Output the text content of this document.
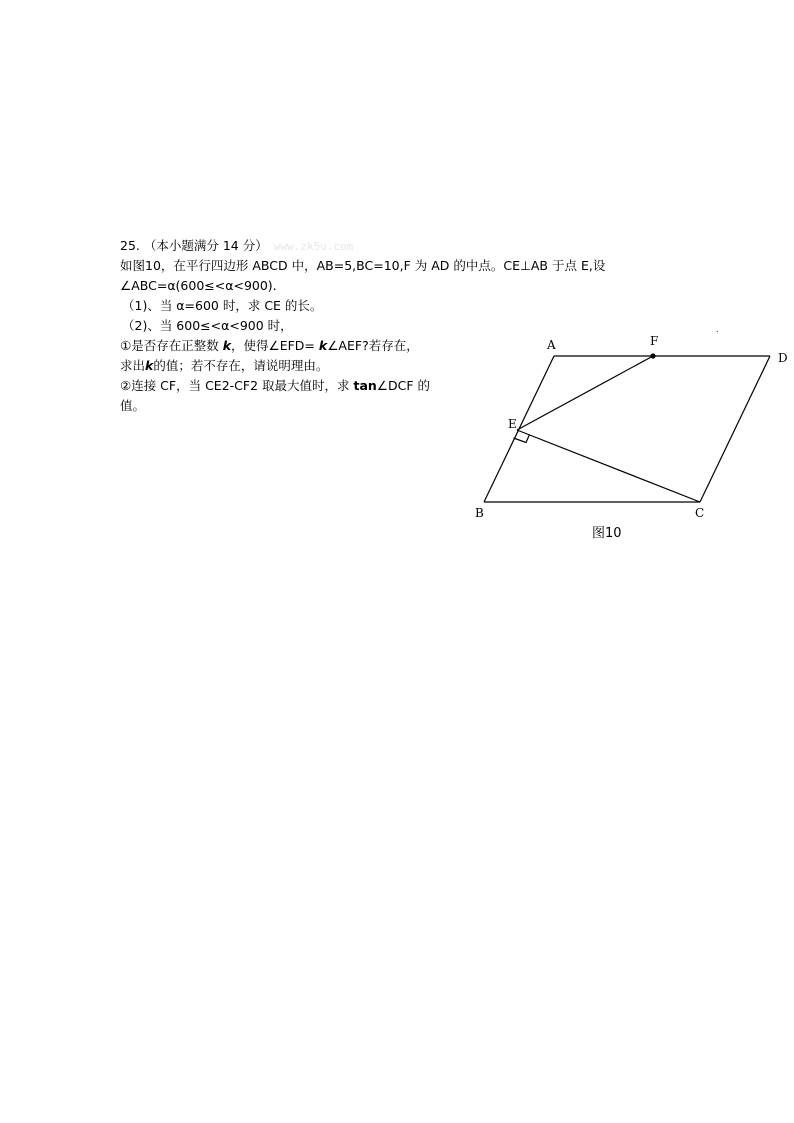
25. （本小题满分 14 分） www.zk5u.com
如图10，在平行四边形 ABCD 中，AB=5,BC=10,F 为 AD 的中点。CE⊥AB 于点 E,设
∠ABC=α(600≤<α<900).
（1)、当 α=600 时，求 CE 的长。
（2)、当 600≤<α<900 时，
①是否存在正整数 k，使得∠EFD= k∠AEF?若存在，
求出k的值；若不存在，请说明理由。
②连接 CF，当 CE2-CF2 取最大值时，求 tan∠DCF 的
值。
A	F
D
E
B	C
图10
.
